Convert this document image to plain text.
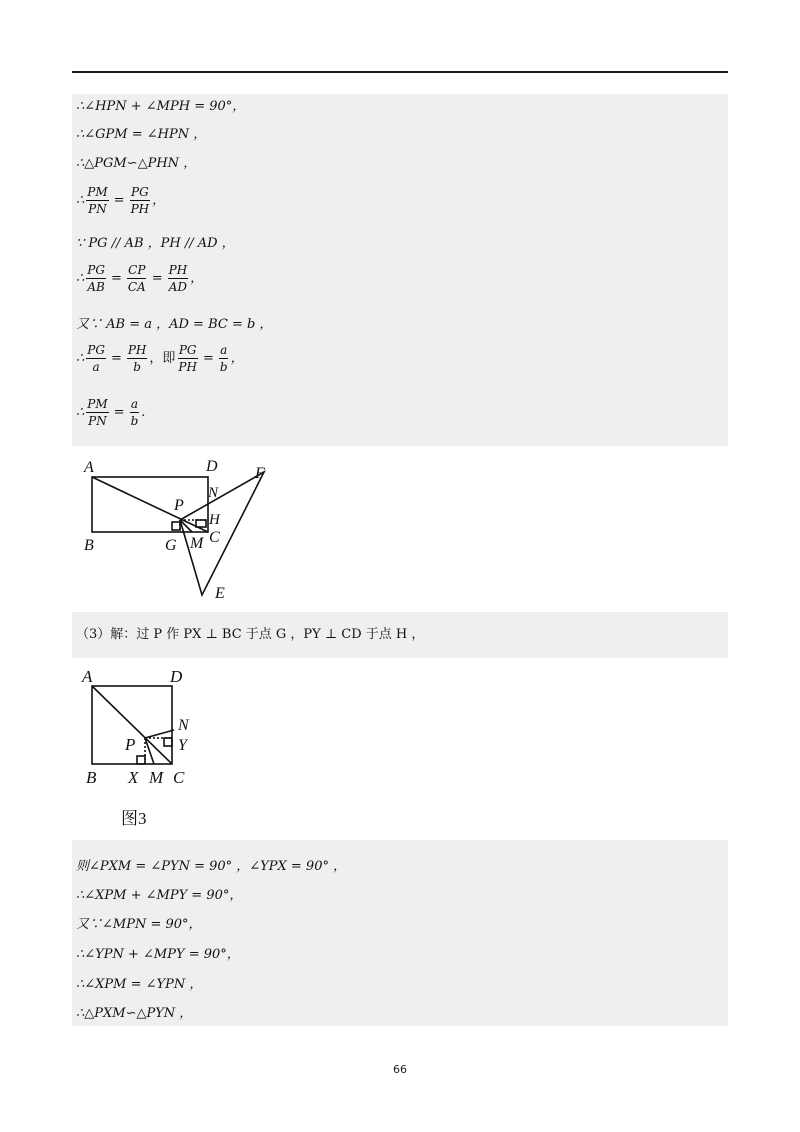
·
∴∠HPN + ∠MPH = 90°，
∴∠GPM = ∠HPN ，
∴△PGM∽△PHN ，
∴ $\frac{PM}{PN} = \frac{PG}{PH}$ ，
∵ PG // AB ，PH // AD ，
∴ $\frac{PG}{AB} = \frac{CP}{CA} = \frac{PH}{AD}$ ，
又∵ AB = a ，AD = BC = b ，
∴ $\frac{PG}{a} = \frac{PH}{b}$ ，即 $\frac{PG}{PH} = \frac{a}{b}$ ，
∴ $\frac{PM}{PN} = \frac{a}{b}$ .
A	D F
N
P
H
C
B	G M
E
（3）解：过 P 作 PX ⊥ BC 于点 G ，PY ⊥ CD 于点 H ，
A	D
N
P	Y
B X M C
图3
则∠PXM = ∠PYN = 90° ，∠YPX = 90° ，
∴∠XPM + ∠MPY = 90°，
又∵∠MPN = 90°，
∴∠YPN + ∠MPY = 90°，
∴∠XPM = ∠YPN ，
∴△PXM∽△PYN ，
66
